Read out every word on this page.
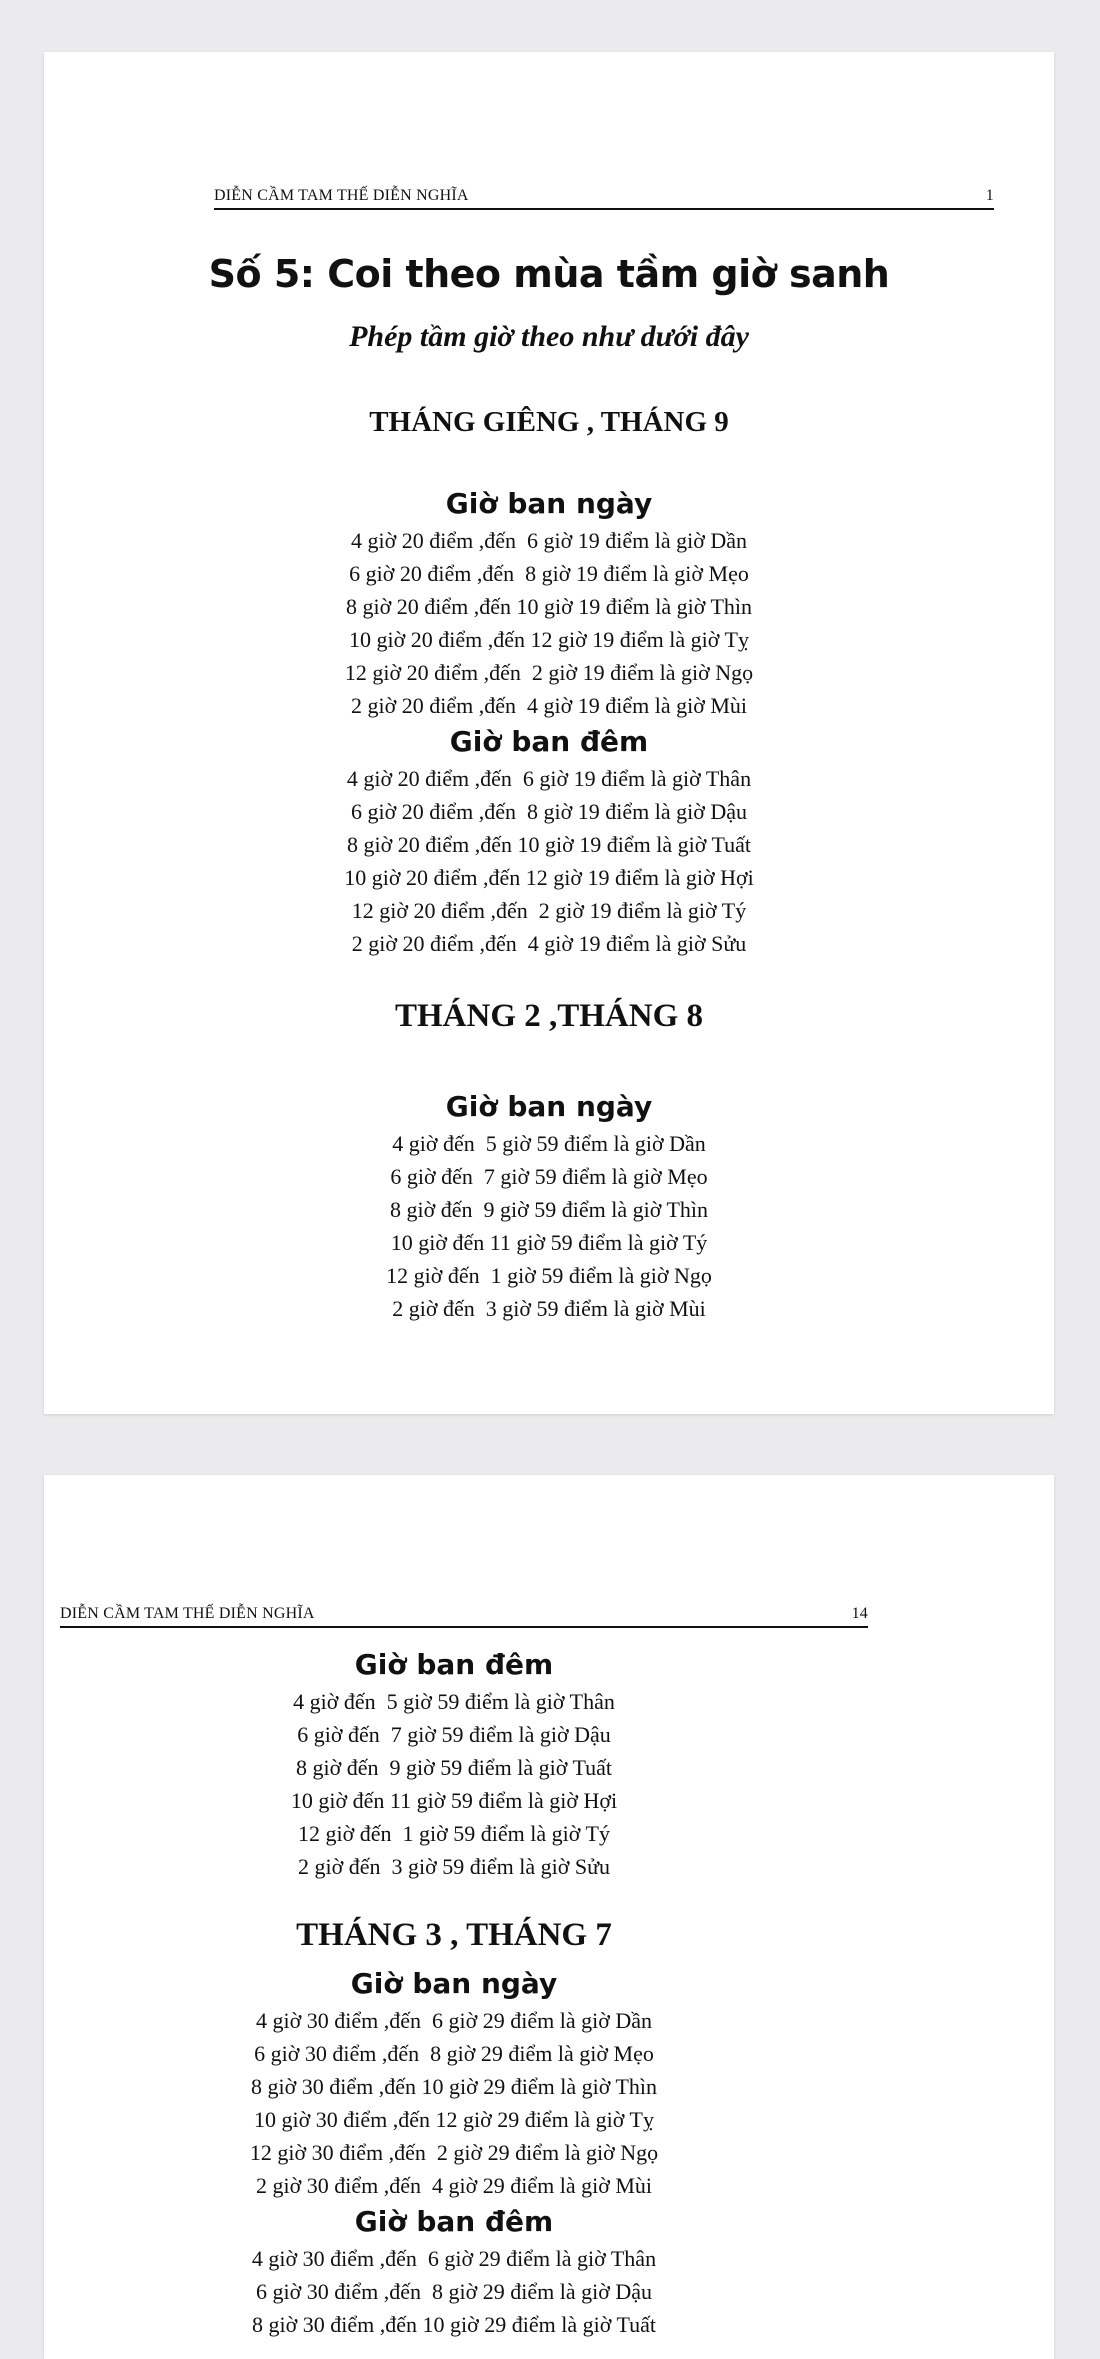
DIỄN CẦM TAM THẾ DIỄN NGHĨA	1
Số 5: Coi theo mùa tầm giờ sanh
Phép tầm giờ theo như dưới đây
THÁNG GIÊNG , THÁNG 9
Giờ ban ngày
4 giờ 20 điểm ,đến  6 giờ 19 điểm là giờ Dần
6 giờ 20 điểm ,đến  8 giờ 19 điểm là giờ Mẹo
8 giờ 20 điểm ,đến 10 giờ 19 điểm là giờ Thìn
10 giờ 20 điểm ,đến 12 giờ 19 điểm là giờ Tỵ
12 giờ 20 điểm ,đến  2 giờ 19 điểm là giờ Ngọ
2 giờ 20 điểm ,đến  4 giờ 19 điểm là giờ Mùi
Giờ ban đêm
4 giờ 20 điểm ,đến  6 giờ 19 điểm là giờ Thân
6 giờ 20 điểm ,đến  8 giờ 19 điểm là giờ Dậu
8 giờ 20 điểm ,đến 10 giờ 19 điểm là giờ Tuất
10 giờ 20 điểm ,đến 12 giờ 19 điểm là giờ Hợi
12 giờ 20 điểm ,đến  2 giờ 19 điểm là giờ Tý
2 giờ 20 điểm ,đến  4 giờ 19 điểm là giờ Sửu
THÁNG 2 ,THÁNG 8
Giờ ban ngày
4 giờ đến  5 giờ 59 điểm là giờ Dần
6 giờ đến  7 giờ 59 điểm là giờ Mẹo
8 giờ đến  9 giờ 59 điểm là giờ Thìn
10 giờ đến 11 giờ 59 điểm là giờ Tý
12 giờ đến  1 giờ 59 điểm là giờ Ngọ
2 giờ đến  3 giờ 59 điểm là giờ Mùi
DIỄN CẦM TAM THẾ DIỄN NGHĨA	14
Giờ ban đêm
4 giờ đến  5 giờ 59 điểm là giờ Thân
6 giờ đến  7 giờ 59 điểm là giờ Dậu
8 giờ đến  9 giờ 59 điểm là giờ Tuất
10 giờ đến 11 giờ 59 điểm là giờ Hợi
12 giờ đến  1 giờ 59 điểm là giờ Tý
2 giờ đến  3 giờ 59 điểm là giờ Sửu
THÁNG 3 , THÁNG 7
Giờ ban ngày
4 giờ 30 điểm ,đến  6 giờ 29 điểm là giờ Dần
6 giờ 30 điểm ,đến  8 giờ 29 điểm là giờ Mẹo
8 giờ 30 điểm ,đến 10 giờ 29 điểm là giờ Thìn
10 giờ 30 điểm ,đến 12 giờ 29 điểm là giờ Tỵ
12 giờ 30 điểm ,đến  2 giờ 29 điểm là giờ Ngọ
2 giờ 30 điểm ,đến  4 giờ 29 điểm là giờ Mùi
Giờ ban đêm
4 giờ 30 điểm ,đến  6 giờ 29 điểm là giờ Thân
6 giờ 30 điểm ,đến  8 giờ 29 điểm là giờ Dậu
8 giờ 30 điểm ,đến 10 giờ 29 điểm là giờ Tuất
